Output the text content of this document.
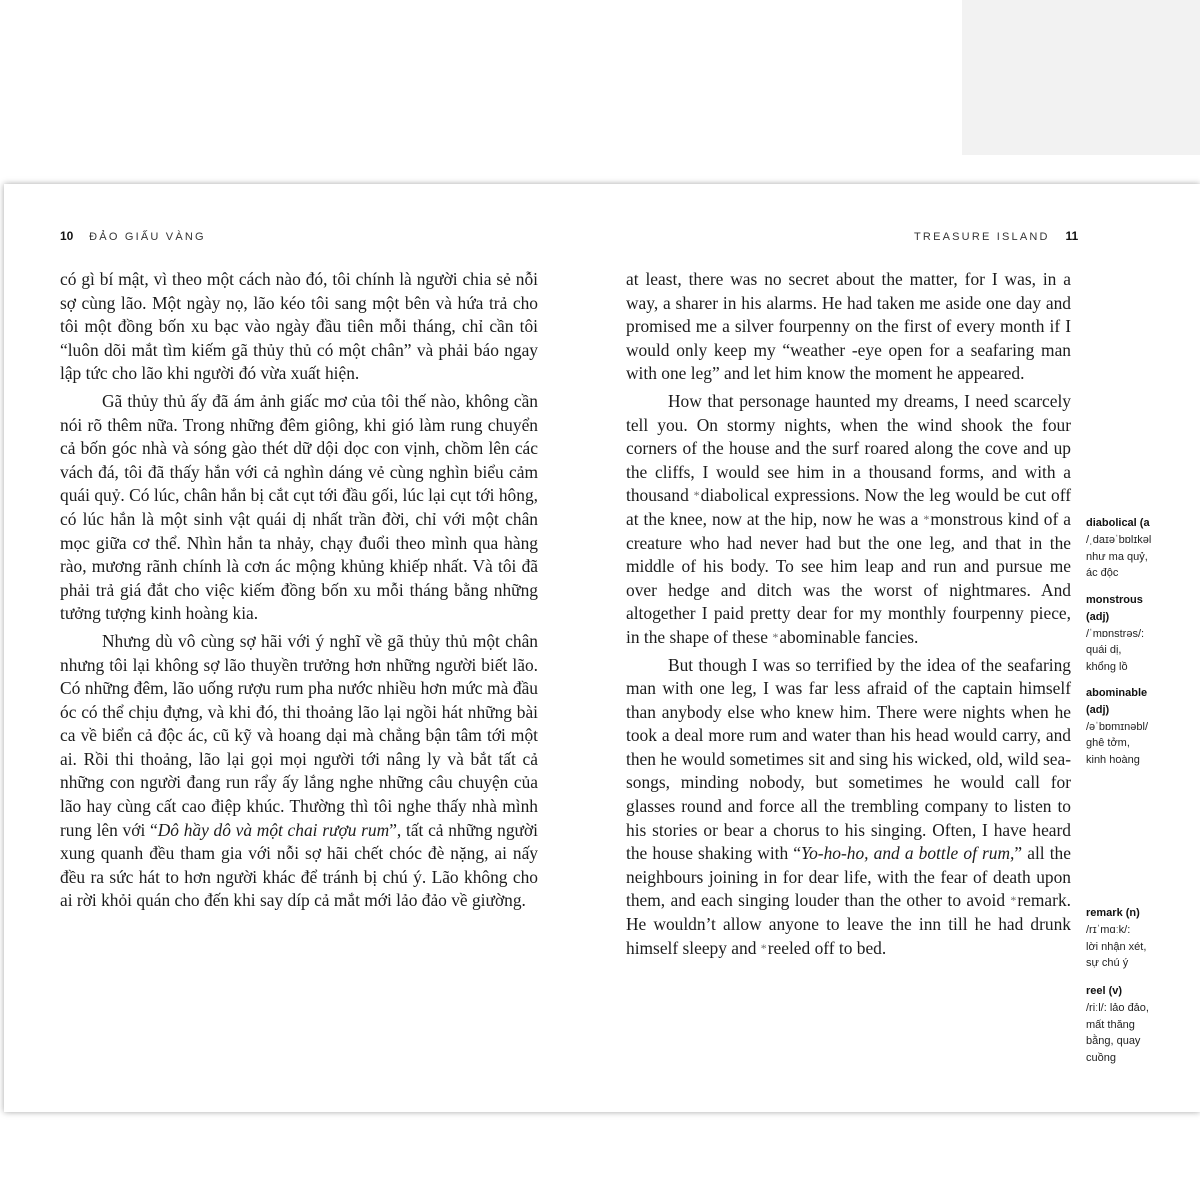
10 ĐẢO GIẤU VÀNG	TREASURE ISLAND 11

có gì bí mật, vì theo một cách nào đó, tôi chính là người chia sẻ nỗi sợ cùng lão. Một ngày nọ, lão kéo tôi sang một bên và hứa trả cho tôi một đồng bốn xu bạc vào ngày đầu tiên mỗi tháng, chỉ cần tôi “luôn dõi mắt tìm kiếm gã thủy thủ có một chân” và phải báo ngay lập tức cho lão khi người đó vừa xuất hiện.

Gã thủy thủ ấy đã ám ảnh giấc mơ của tôi thế nào, không cần nói rõ thêm nữa. Trong những đêm giông, khi gió làm rung chuyển cả bốn góc nhà và sóng gào thét dữ dội dọc con vịnh, chồm lên các vách đá, tôi đã thấy hắn với cả nghìn dáng vẻ cùng nghìn biểu cảm quái quỷ. Có lúc, chân hắn bị cắt cụt tới đầu gối, lúc lại cụt tới hông, có lúc hắn là một sinh vật quái dị nhất trần đời, chỉ với một chân mọc giữa cơ thể. Nhìn hắn ta nhảy, chạy đuổi theo mình qua hàng rào, mương rãnh chính là cơn ác mộng khủng khiếp nhất. Và tôi đã phải trả giá đắt cho việc kiếm đồng bốn xu mỗi tháng bằng những tưởng tượng kinh hoàng kia.

Nhưng dù vô cùng sợ hãi với ý nghĩ về gã thủy thủ một chân nhưng tôi lại không sợ lão thuyền trưởng hơn những người biết lão. Có những đêm, lão uống rượu rum pha nước nhiều hơn mức mà đầu óc có thể chịu đựng, và khi đó, thi thoảng lão lại ngồi hát những bài ca về biển cả độc ác, cũ kỹ và hoang dại mà chẳng bận tâm tới một ai. Rồi thi thoảng, lão lại gọi mọi người tới nâng ly và bắt tất cả những con người đang run rẩy ấy lắng nghe những câu chuyện của lão hay cùng cất cao điệp khúc. Thường thì tôi nghe thấy nhà mình rung lên với “Dô hầy dô và một chai rượu rum”, tất cả những người xung quanh đều tham gia với nỗi sợ hãi chết chóc đè nặng, ai nấy đều ra sức hát to hơn người khác để tránh bị chú ý. Lão không cho ai rời khỏi quán cho đến khi say díp cả mắt mới lảo đảo về giường.

at least, there was no secret about the matter, for I was, in a way, a sharer in his alarms. He had taken me aside one day and promised me a silver fourpenny on the first of every month if I would only keep my “weather -eye open for a seafaring man with one leg” and let him know the moment he appeared.

How that personage haunted my dreams, I need scarcely tell you. On stormy nights, when the wind shook the four corners of the house and the surf roared along the cove and up the cliffs, I would see him in a thousand forms, and with a thousand *diabolical expressions. Now the leg would be cut off at the knee, now at the hip, now he was a *monstrous kind of a creature who had never had but the one leg, and that in the middle of his body. To see him leap and run and pursue me over hedge and ditch was the worst of nightmares. And altogether I paid pretty dear for my monthly fourpenny piece, in the shape of these *abominable fancies.

But though I was so terrified by the idea of the seafaring man with one leg, I was far less afraid of the captain himself than anybody else who knew him. There were nights when he took a deal more rum and water than his head would carry, and then he would sometimes sit and sing his wicked, old, wild sea-songs, minding nobody, but sometimes he would call for glasses round and force all the trembling company to listen to his stories or bear a chorus to his singing. Often, I have heard the house shaking with “Yo-ho-ho, and a bottle of rum,” all the neighbours joining in for dear life, with the fear of death upon them, and each singing louder than the other to avoid *remark. He wouldn’t allow anyone to leave the inn till he had drunk himself sleepy and *reeled off to bed.

diabolical (a
/ˌdaɪəˈbɒlɪkəl
như ma quỷ,
ác độc
monstrous
(adj)
/ˈmɒnstrəs/:
quái dị,
khổng lồ
abominable
(adj)
/əˈbɒmɪnəbl/
ghê tởm,
kinh hoàng
remark (n)
/rɪˈmɑːk/:
lời nhận xét,
sự chú ý
reel (v)
/riːl/: lảo đảo,
mất thăng
bằng, quay
cuồng
